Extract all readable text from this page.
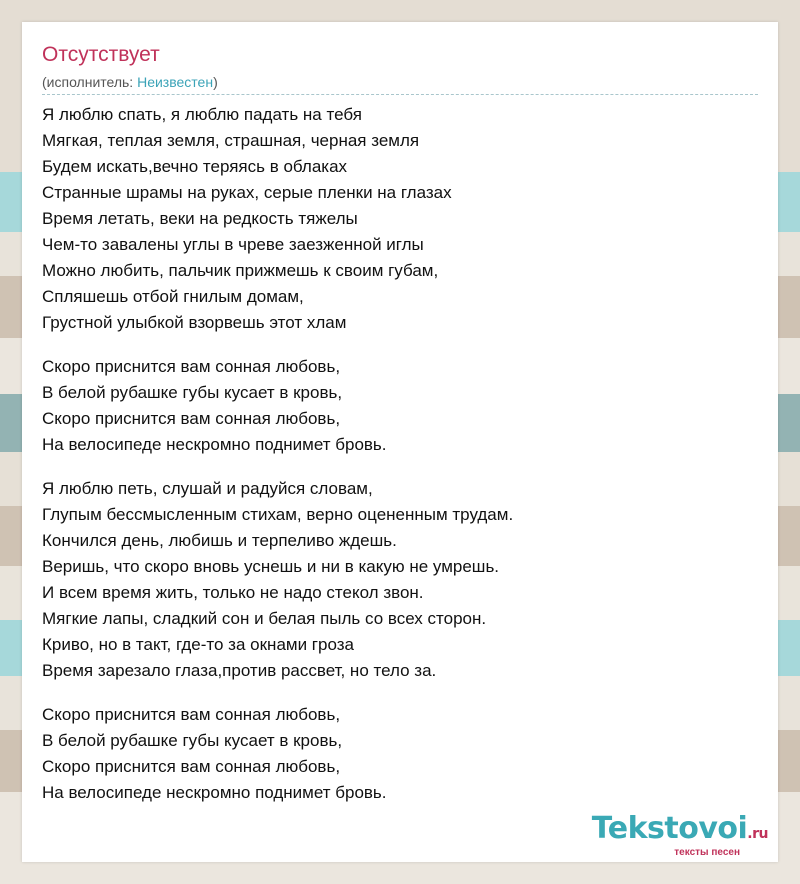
Отсутствует
(исполнитель: Неизвестен)
Я люблю спать, я люблю падать на тебя
Мягкая, теплая земля, страшная, черная земля
Будем искать,вечно теряясь в облаках
Странные шрамы на руках, серые пленки на глазах
Время летать, веки на редкость тяжелы
Чем-то завалены углы в чреве заезженной иглы
Можно любить, пальчик прижмешь к своим губам,
Спляшешь отбой гнилым домам,
Грустной улыбкой взорвешь этот хлам
Скоро приснится вам сонная любовь,
В белой рубашке губы кусает в кровь,
Скоро приснится вам сонная любовь,
На велосипеде нескромно поднимет бровь.
Я люблю петь, слушай и радуйся словам,
Глупым бессмысленным стихам, верно оцененным трудам.
Кончился день, любишь и терпеливо ждешь.
Веришь, что скоро вновь уснешь и ни в какую не умрешь.
И всем время жить, только не надо стекол звон.
Мягкие лапы, сладкий сон и белая пыль со всех сторон.
Криво, но в такт, где-то за окнами гроза
Время зарезало глаза,против рассвет, но тело за.
Скоро приснится вам сонная любовь,
В белой рубашке губы кусает в кровь,
Скоро приснится вам сонная любовь,
На велосипеде нескромно поднимет бровь.
Tekstovoi.ru
тексты песен
